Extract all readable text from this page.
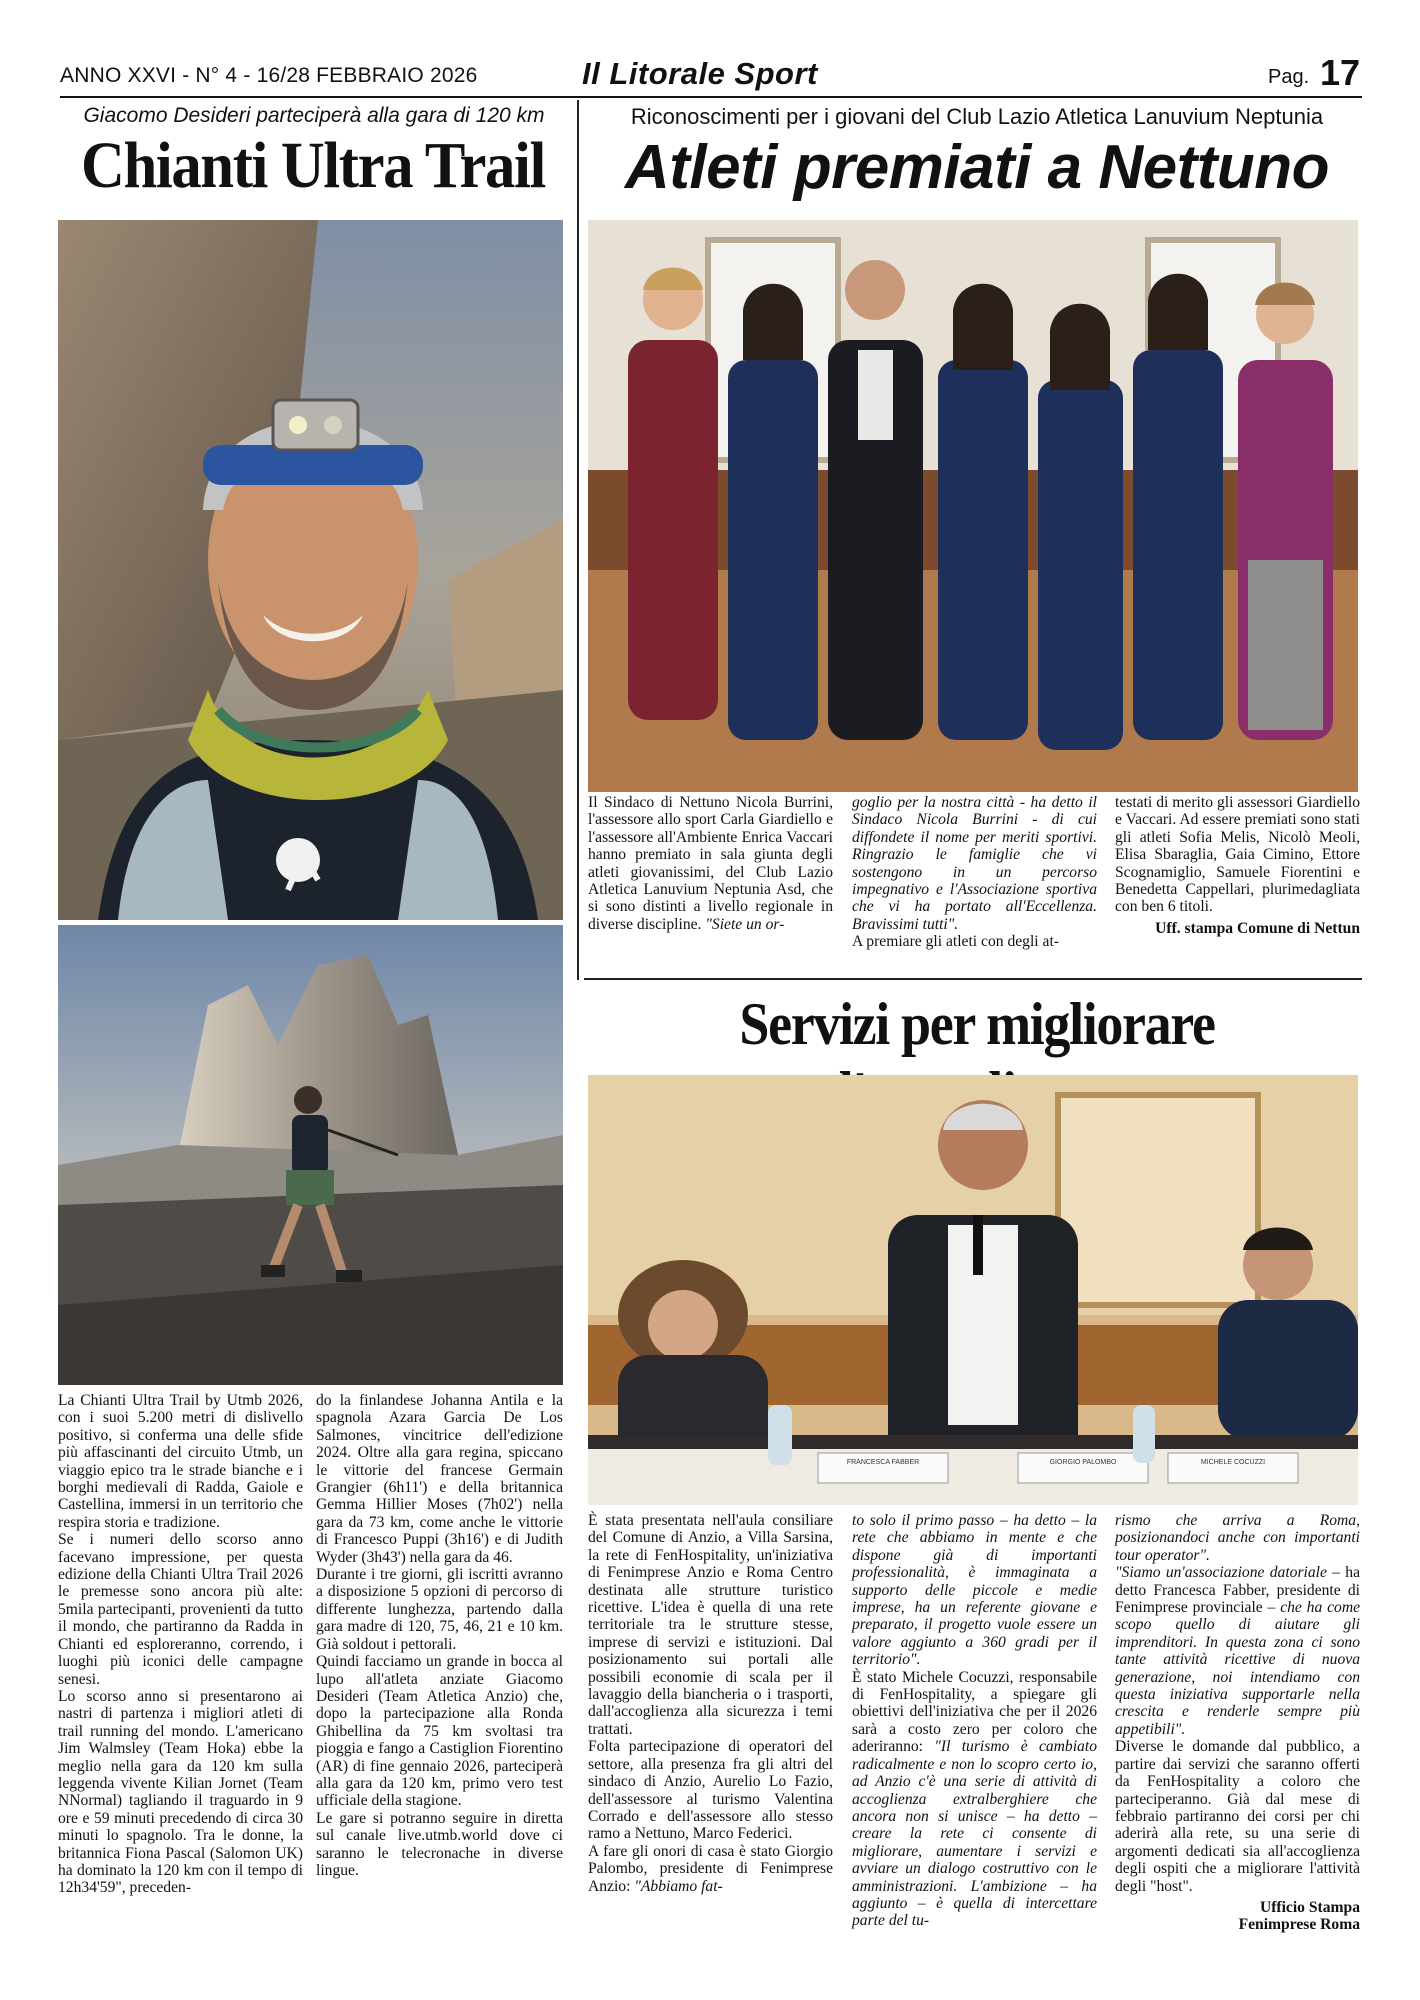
ANNO XXVI - N° 4 - 16/28 FEBBRAIO 2026	Il Litorale Sport	Pag. 17
Giacomo Desideri parteciperà alla gara di 120 km
Chianti Ultra Trail

La Chianti Ultra Trail by Utmb 2026, con i suoi 5.200 metri di dislivello positivo, si conferma una delle sfide più affascinanti del circuito Utmb, un viaggio epico tra le strade bianche e i borghi medievali di Radda, Gaiole e Castellina, immersi in un territorio che respira storia e tradizione.

Se i numeri dello scorso anno facevano impressione, per questa edizione della Chianti Ultra Trail 2026 le premesse sono ancora più alte: 5mila partecipanti, provenienti da tutto il mondo, che partiranno da Radda in Chianti ed esploreranno, correndo, i luoghi più iconici delle campagne senesi.

Lo scorso anno si presentarono ai nastri di partenza i migliori atleti di trail running del mondo. L'americano Jim Walmsley (Team Hoka) ebbe la meglio nella gara da 120 km sulla leggenda vivente Kilian Jornet (Team NNormal) tagliando il traguardo in 9 ore e 59 minuti precedendo di circa 30 minuti lo spagnolo. Tra le donne, la britannica Fiona Pascal (Salomon UK) ha dominato la 120 km con il tempo di 12h34'59", preceden-

do la finlandese Johanna Antila e la spagnola Azara Garcia De Los Salmones, vincitrice dell'edizione 2024. Oltre alla gara regina, spiccano le vittorie del francese Germain Grangier (6h11') e della britannica Gemma Hillier Moses (7h02') nella gara da 73 km, come anche le vittorie di Francesco Puppi (3h16') e di Judith Wyder (3h43') nella gara da 46.

Durante i tre giorni, gli iscritti avranno a disposizione 5 opzioni di percorso di differente lunghezza, partendo dalla gara madre di 120, 75, 46, 21 e 10 km. Già soldout i pettorali.

Quindi facciamo un grande in bocca al lupo all'atleta anziate Giacomo Desideri (Team Atletica Anzio) che, dopo la partecipazione alla Ronda Ghibellina da 75 km svoltasi tra pioggia e fango a Castiglion Fiorentino (AR) di fine gennaio 2026, parteciperà alla gara da 120 km, primo vero test ufficiale della stagione.

Le gare si potranno seguire in diretta sul canale live.utmb.world dove ci saranno le telecronache in diverse lingue.

Riconoscimenti per i giovani del Club Lazio Atletica Lanuvium Neptunia
Atleti premiati a Nettuno

Il Sindaco di Nettuno Nicola Burrini, l'assessore allo sport Carla Giardiello e l'assessore all'Ambiente Enrica Vaccari hanno premiato in sala giunta degli atleti giovanissimi, del Club Lazio Atletica Lanuvium Neptunia Asd, che si sono distinti a livello regionale in diverse discipline. "Siete un or-

goglio per la nostra città - ha detto il Sindaco Nicola Burrini - di cui diffondete il nome per meriti sportivi. Ringrazio le famiglie che vi sostengono in un percorso impegnativo e l'Associazione sportiva che vi ha portato all'Eccellenza. Bravissimi tutti".

A premiare gli atleti con degli at-

testati di merito gli assessori Giardiello e Vaccari. Ad essere premiati sono stati gli atleti Sofia Melis, Nicolò Meoli, Elisa Sbaraglia, Gaia Cimino, Ettore Scognamiglio, Samuele Fiorentini e Benedetta Cappellari, plurimedagliata con ben 6 titoli.

Uff. stampa Comune di Nettun

Servizi per migliorare
FRANCESCA FABBER	GIORGIO PALOMBO	MICHELE COCUZZI

È stata presentata nell'aula consiliare del Comune di Anzio, a Villa Sarsina, la rete di FenHospitality, un'iniziativa di Fenimprese Anzio e Roma Centro destinata alle strutture turistico ricettive. L'idea è quella di una rete territoriale tra le strutture stesse, imprese di servizi e istituzioni. Dal posizionamento sui portali alle possibili economie di scala per il lavaggio della biancheria o i trasporti, dall'accoglienza alla sicurezza i temi trattati.

Folta partecipazione di operatori del settore, alla presenza fra gli altri del sindaco di Anzio, Aurelio Lo Fazio, dell'assessore al turismo Valentina Corrado e dell'assessore allo stesso ramo a Nettuno, Marco Federici.

A fare gli onori di casa è stato Giorgio Palombo, presidente di Fenimprese Anzio: "Abbiamo fat-

to solo il primo passo – ha detto – la rete che abbiamo in mente e che dispone già di importanti professionalità, è immaginata a supporto delle piccole e medie imprese, ha un referente giovane e preparato, il progetto vuole essere un valore aggiunto a 360 gradi per il territorio".

È stato Michele Cocuzzi, responsabile di FenHospitality, a spiegare gli obiettivi dell'iniziativa che per il 2026 sarà a costo zero per coloro che aderiranno: "Il turismo è cambiato radicalmente e non lo scopro certo io, ad Anzio c'è una serie di attività di accoglienza extralberghiere che ancora non si unisce – ha detto – creare la rete ci consente di migliorare, aumentare i servizi e avviare un dialogo costruttivo con le amministrazioni. L'ambizione – ha aggiunto – è quella di intercettare parte del tu-

rismo che arriva a Roma, posizionandoci anche con importanti tour operator".

"Siamo un'associazione datoriale – ha detto Francesca Fabber, presidente di Fenimprese provinciale – che ha come scopo quello di aiutare gli imprenditori. In questa zona ci sono tante attività ricettive di nuova generazione, noi intendiamo con questa iniziativa supportarle nella crescita e renderle sempre più appetibili".

Diverse le domande dal pubblico, a partire dai servizi che saranno offerti da FenHospitality a coloro che parteciperanno. Già dal mese di febbraio partiranno dei corsi per chi aderirà alla rete, su una serie di argomenti dedicati sia all'accoglienza degli ospiti che a migliorare l'attività degli "host".

Ufficio Stampa

Fenimprese Roma
